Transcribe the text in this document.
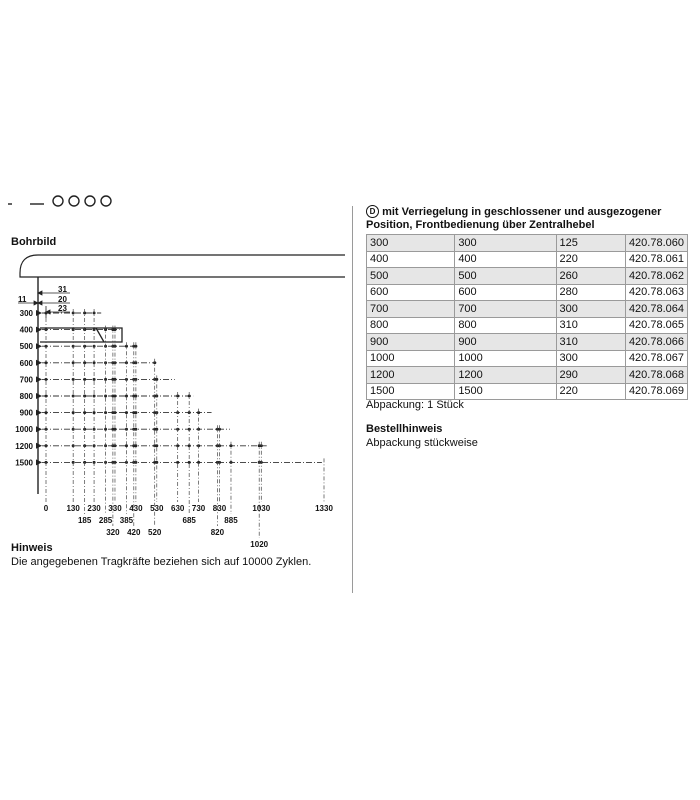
Bohrbild
31
20
23
11
0 130
185
230
285
320
330
385
420
430
520
530 630
685
730
820
830
885
1020
1030	1330
300
400
500
600
700
800
900
1000
1200
1500
Hinweis
Die angegebenen Tragkräfte beziehen sich auf 10000 Zyklen.
D mit Verriegelung in geschlossener und ausgezogener Position, Frontbedienung über Zentralhebel
300	300	125	420.78.060
400	400	220	420.78.061
500	500	260	420.78.062
600	600	280	420.78.063
700	700	300	420.78.064
800	800	310	420.78.065
900	900	310	420.78.066
1000	1000	300	420.78.067
1200	1200	290	420.78.068
1500	1500	220	420.78.069
Abpackung: 1 Stück
Bestellhinweis
Abpackung stückweise
